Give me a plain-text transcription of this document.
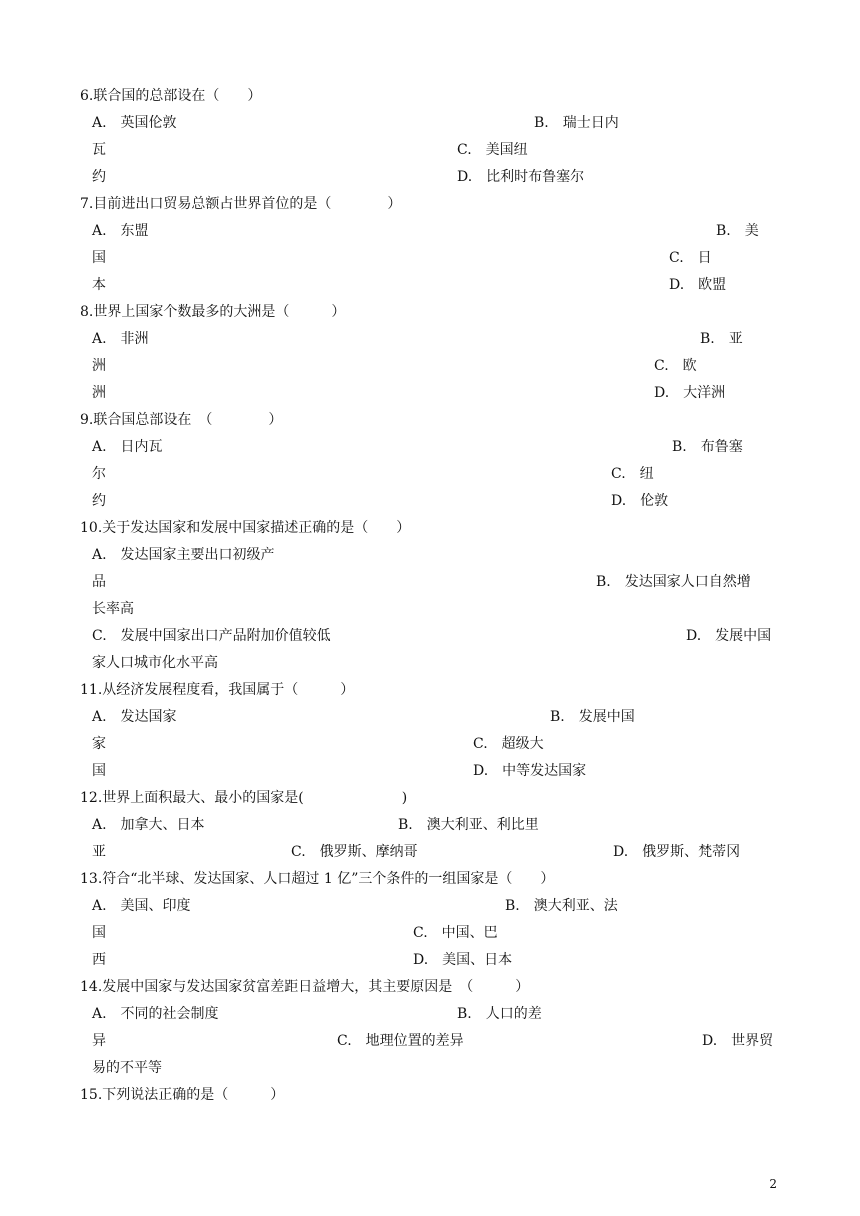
6.联合国的总部设在（　　）
A.　英国伦敦	B.　瑞士日内
瓦	C.　美国纽
约	D.　比利时布鲁塞尔
7.目前进出口贸易总额占世界首位的是（　　　　）
A.　东盟	B.　美
国	C.　日
本	D.　欧盟
8.世界上国家个数最多的大洲是（　　　）
A.　非洲	B.　亚
洲	C.　欧
洲	D.　大洋洲
9.联合国总部设在　（　　　　）
A.　日内瓦	B.　布鲁塞
尔	C.　纽
约	D.　伦敦
10.关于发达国家和发展中国家描述正确的是（　　）
A.　发达国家主要出口初级产
品	B.　发达国家人口自然增
长率高
C.　发展中国家出口产品附加价值较低	D.　发展中国
家人口城市化水平高
11.从经济发展程度看，我国属于（　　　）
A.　发达国家	B.　发展中国
家	C.　超级大
国	D.　中等发达国家
12.世界上面积最大、最小的国家是(　　　　　　　)
A.　加拿大、日本	B.　澳大利亚、利比里
亚	C.　俄罗斯、摩纳哥	D.　俄罗斯、梵蒂冈
13.符合“北半球、发达国家、人口超过 1 亿”三个条件的一组国家是（　　）
A.　美国、印度	B.　澳大利亚、法
国	C.　中国、巴
西	D.　美国、日本
14.发展中国家与发达国家贫富差距日益增大，其主要原因是　（　　　）
A.　不同的社会制度	B.　人口的差
异	C.　地理位置的差异	D.　世界贸
易的不平等
15.下列说法正确的是（　　　）
2
